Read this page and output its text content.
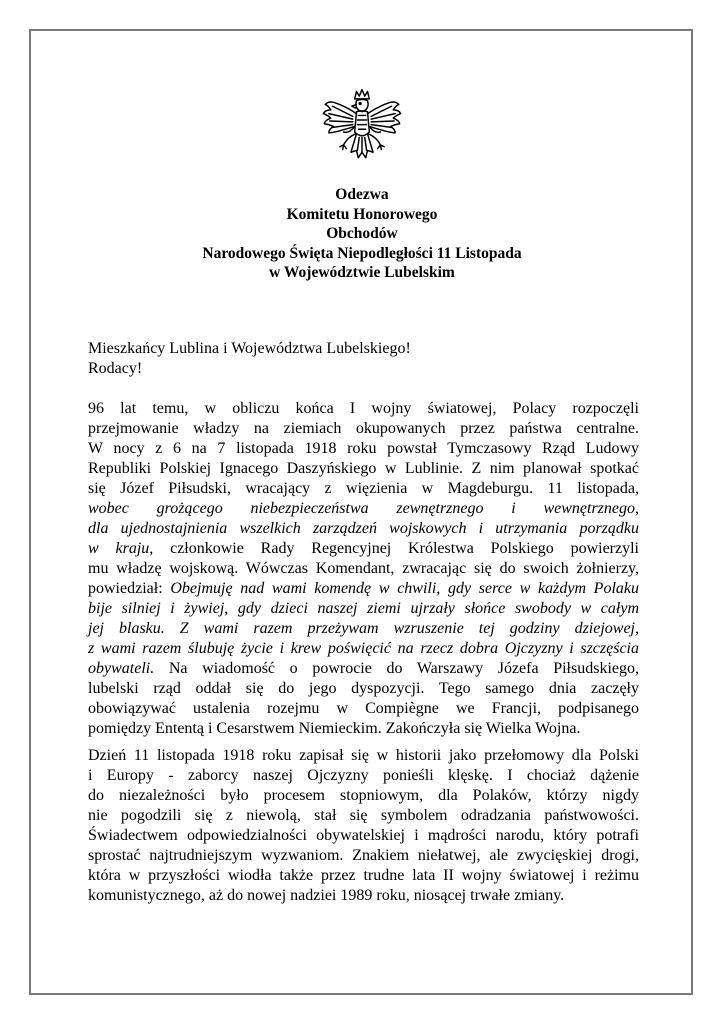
Odezwa
Komitetu Honorowego
Obchodów
Narodowego Święta Niepodległości 11 Listopada
w Województwie Lubelskim
Mieszkańcy Lublina i Województwa Lubelskiego!
Rodacy!
96 lat temu, w obliczu końca I wojny światowej, Polacy rozpoczęli
przejmowanie władzy na ziemiach okupowanych przez państwa centralne.
W nocy z 6 na 7 listopada 1918 roku powstał Tymczasowy Rząd Ludowy
Republiki Polskiej Ignacego Daszyńskiego w Lublinie. Z nim planował spotkać
się Józef Piłsudski, wracający z więzienia w Magdeburgu. 11 listopada,
wobec grożącego niebezpieczeństwa zewnętrznego i wewnętrznego,
dla ujednostajnienia wszelkich zarządzeń wojskowych i utrzymania porządku
w kraju, członkowie Rady Regencyjnej Królestwa Polskiego powierzyli
mu władzę wojskową. Wówczas Komendant, zwracając się do swoich żołnierzy,
powiedział: Obejmuję nad wami komendę w chwili, gdy serce w każdym Polaku
bije silniej i żywiej, gdy dzieci naszej ziemi ujrzały słońce swobody w całym
jej blasku. Z wami razem przeżywam wzruszenie tej godziny dziejowej,
z wami razem ślubuję życie i krew poświęcić na rzecz dobra Ojczyzny i szczęścia
obywateli. Na wiadomość o powrocie do Warszawy Józefa Piłsudskiego,
lubelski rząd oddał się do jego dyspozycji. Tego samego dnia zaczęły
obowiązywać ustalenia rozejmu w Compiègne we Francji, podpisanego
pomiędzy Ententą i Cesarstwem Niemieckim. Zakończyła się Wielka Wojna.
Dzień 11 listopada 1918 roku zapisał się w historii jako przełomowy dla Polski
i Europy - zaborcy naszej Ojczyzny ponieśli klęskę. I chociaż dążenie
do niezależności było procesem stopniowym, dla Polaków, którzy nigdy
nie pogodzili się z niewolą, stał się symbolem odradzania państwowości.
Świadectwem odpowiedzialności obywatelskiej i mądrości narodu, który potrafi
sprostać najtrudniejszym wyzwaniom. Znakiem niełatwej, ale zwycięskiej drogi,
która w przyszłości wiodła także przez trudne lata II wojny światowej i reżimu
komunistycznego, aż do nowej nadziei 1989 roku, niosącej trwałe zmiany.
